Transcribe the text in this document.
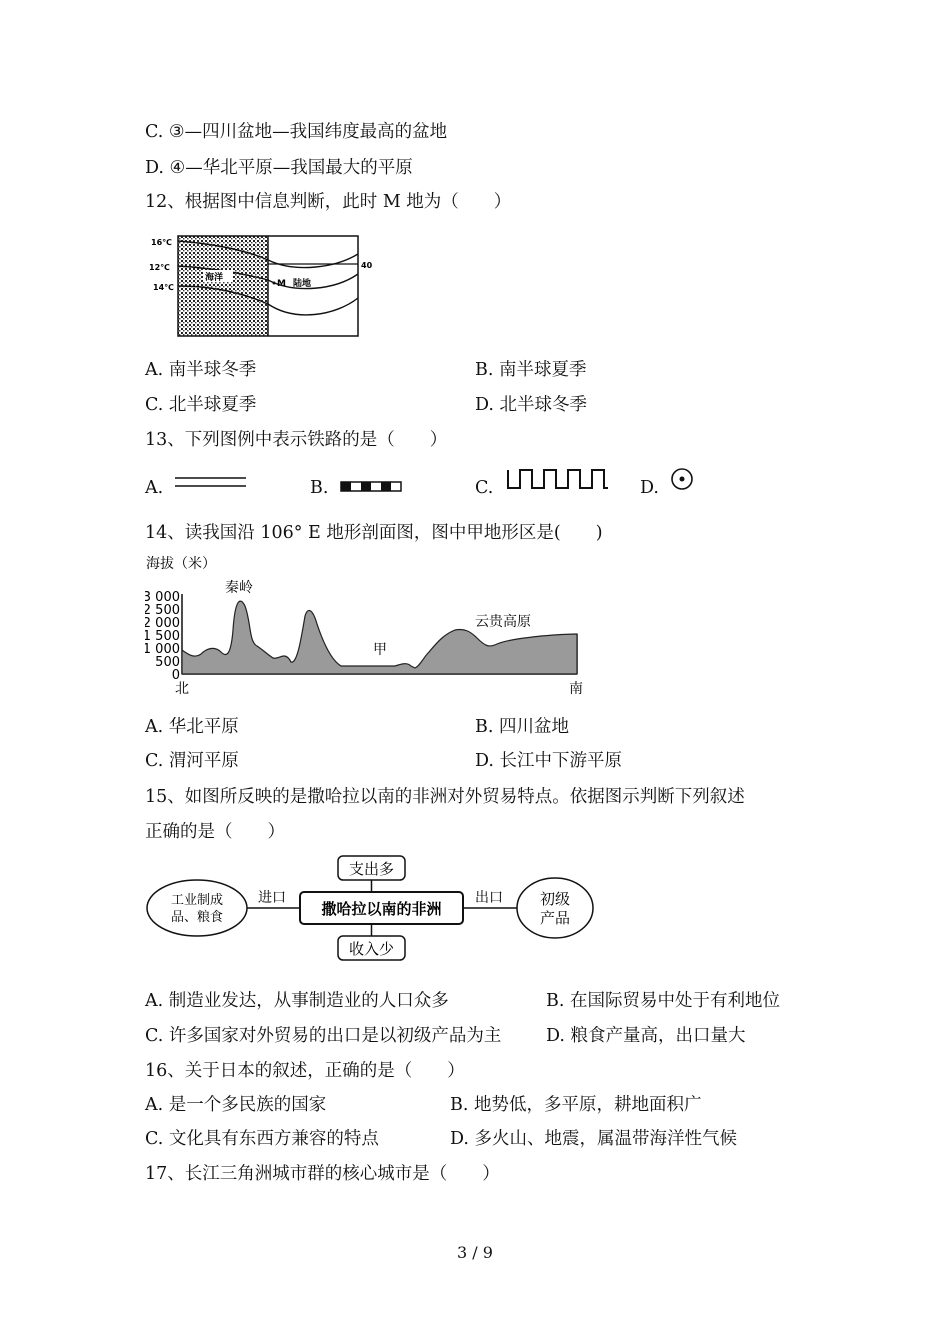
C. ③—四川盆地—我国纬度最高的盆地
D. ④—华北平原—我国最大的平原
12、根据图中信息判断，此时 M 地为（　　）
16℃
12℃
14℃
海洋
M 陆地
40
A. 南半球冬季	B. 南半球夏季
C. 北半球夏季	D. 北半球冬季
13、下列图例中表示铁路的是（　　）
A.	B.	C.	D.
14、读我国沿 106° E 地形剖面图，图中甲地形区是(　　)
海拔（米）
3 000
2 500
2 000
1 500
1 000
500
0
秦岭
甲
云贵高原
北	南
A. 华北平原	B. 四川盆地
C. 渭河平原	D. 长江中下游平原
15、如图所反映的是撒哈拉以南的非洲对外贸易特点。依据图示判断下列叙述
正确的是（　　）
支出多
撒哈拉以南的非洲
收入少
工业制成
品、粮食
进口	出口 初级
产品
A. 制造业发达，从事制造业的人口众多	B. 在国际贸易中处于有利地位
C. 许多国家对外贸易的出口是以初级产品为主	D. 粮食产量高，出口量大
16、关于日本的叙述，正确的是（　　）
A. 是一个多民族的国家	B. 地势低，多平原，耕地面积广
C. 文化具有东西方兼容的特点	D. 多火山、地震，属温带海洋性气候
17、长江三角洲城市群的核心城市是（　　）
3 / 9
